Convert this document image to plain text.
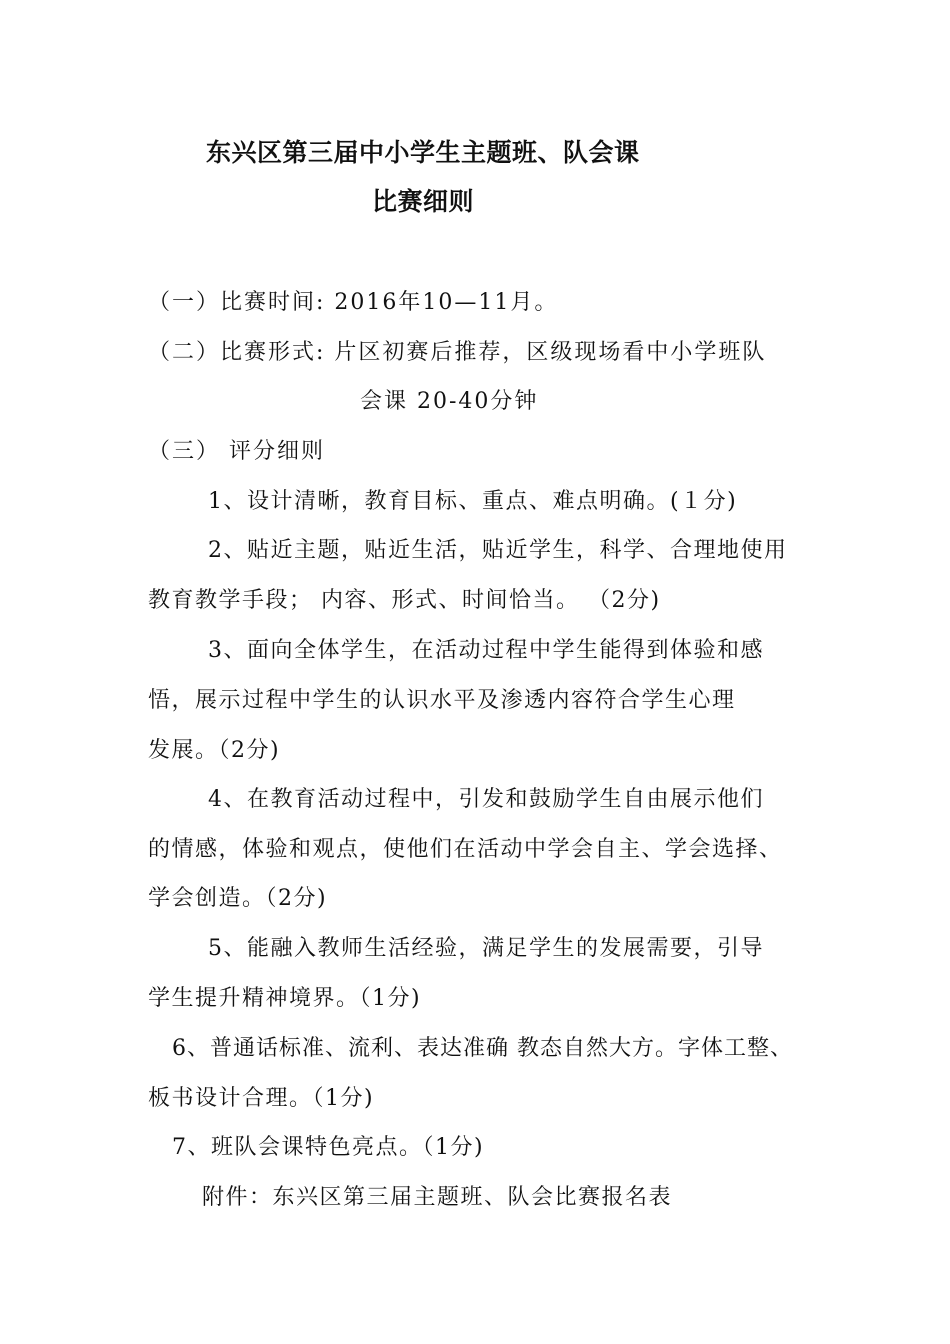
东兴区第三届中小学生主题班、队会课
比赛细则
（一）比赛时间: 2016年10—11月。
（二）比赛形式: 片区初赛后推荐，区级现场看中小学班队
会课 20-40分钟
（三） 评分细则
1、设计清晰，教育目标、重点、难点明确。(１分)
2、贴近主题，贴近生活，贴近学生，科学、合理地使用
教育教学手段； 内容、形式、时间恰当。 （2分)
3、面向全体学生，在活动过程中学生能得到体验和感
悟，展示过程中学生的认识水平及渗透内容符合学生心理
发展。（2分)
4、在教育活动过程中，引发和鼓励学生自由展示他们
的情感，体验和观点，使他们在活动中学会自主、学会选择、
学会创造。（2分)
5、能融入教师生活经验，满足学生的发展需要，引导
学生提升精神境界。（1分)
6、普通话标准、流利、表达准确 教态自然大方。字体工整、
板书设计合理。（1分)
7、班队会课特色亮点。（1分)
附件：东兴区第三届主题班、队会比赛报名表
